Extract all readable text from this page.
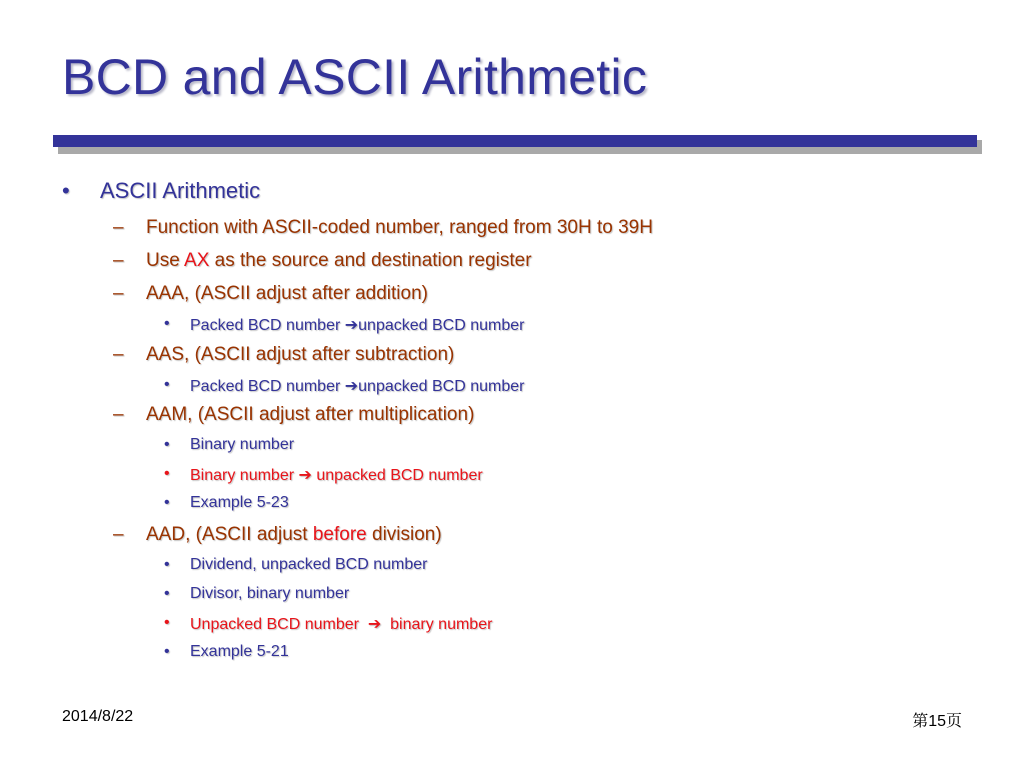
BCD and ASCII Arithmetic
• ASCII Arithmetic
– Function with ASCII-coded number, ranged from 30H to 39H
– Use AX as the source and destination register
– AAA, (ASCII adjust after addition)
• Packed BCD number ➔unpacked BCD number
– AAS, (ASCII adjust after subtraction)
• Packed BCD number ➔unpacked BCD number
– AAM, (ASCII adjust after multiplication)
• Binary number
• Binary number ➔ unpacked BCD number
• Example 5-23
– AAD, (ASCII adjust before division)
• Dividend, unpacked BCD number
• Divisor, binary number
• Unpacked BCD number ➔ binary number
• Example 5-21
2014/8/22	第15页
